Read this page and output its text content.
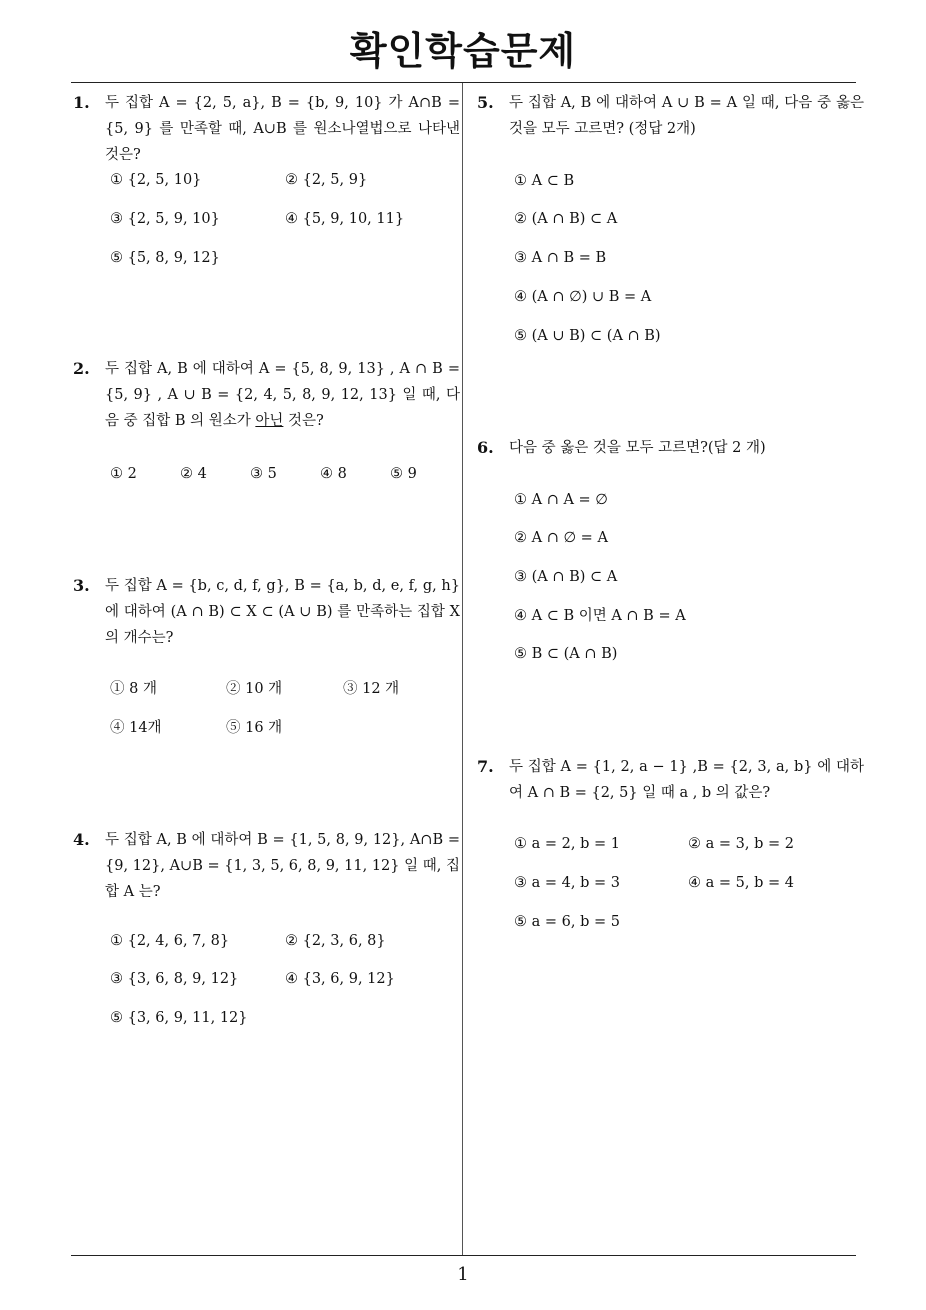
확인학습문제
1
1. 두 집합 A = {2, 5, a}, B = {b, 9, 10} 가 A∩B = {5, 9} 를 만족할 때, A∪B 를 원소나열법으로 나타낸 것은?
① {2, 5, 10}	② {2, 5, 9}
③ {2, 5, 9, 10}	④ {5, 9, 10, 11}
⑤ {5, 8, 9, 12}
2. 두 집합 A, B 에 대하여 A = {5, 8, 9, 13} , A ∩ B = {5, 9} , A ∪ B = {2, 4, 5, 8, 9, 12, 13} 일 때, 다음 중 집합 B 의 원소가 아닌 것은?
① 2	② 4	③ 5	④ 8	⑤ 9
3. 두 집합 A = {b, c, d, f, g}, B = {a, b, d, e, f, g, h} 에 대하여 (A ∩ B) ⊂ X ⊂ (A ∪ B) 를 만족하는 집합 X 의 개수는?
① 8 개	② 10 개	③ 12 개
④ 14개	⑤ 16 개
4. 두 집합 A, B 에 대하여 B = {1, 5, 8, 9, 12}, A∩B = {9, 12}, A∪B = {1, 3, 5, 6, 8, 9, 11, 12} 일 때, 집합 A 는?
① {2, 4, 6, 7, 8}	② {2, 3, 6, 8}
③ {3, 6, 8, 9, 12}	④ {3, 6, 9, 12}
⑤ {3, 6, 9, 11, 12}
5. 두 집합 A, B 에 대하여 A ∪ B = A 일 때, 다음 중 옳은 것을 모두 고르면? (정답 2개)
① A ⊂ B
② (A ∩ B) ⊂ A
③ A ∩ B = B
④ (A ∩ ∅) ∪ B = A
⑤ (A ∪ B) ⊂ (A ∩ B)
6. 다음 중 옳은 것을 모두 고르면?(답 2 개)
① A ∩ A = ∅
② A ∩ ∅ = A
③ (A ∩ B) ⊂ A
④ A ⊂ B 이면 A ∩ B = A
⑤ B ⊂ (A ∩ B)
7. 두 집합 A = {1, 2, a − 1} ,B = {2, 3, a, b} 에 대하여 A ∩ B = {2, 5} 일 때 a , b 의 값은?
① a = 2, b = 1	② a = 3, b = 2
③ a = 4, b = 3	④ a = 5, b = 4
⑤ a = 6, b = 5
